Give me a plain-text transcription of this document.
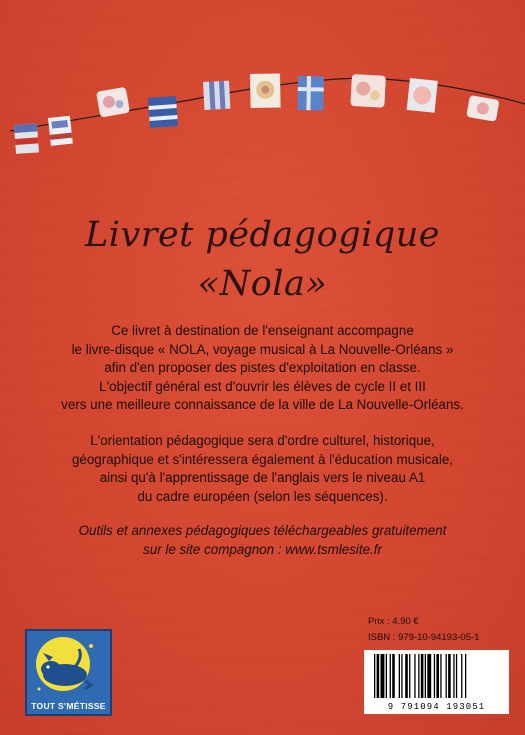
Livret pédagogique
«Nola»
Ce livret à destination de l'enseignant accompagne
le livre-disque « NOLA, voyage musical à La Nouvelle-Orléans »
afin d'en proposer des pistes d'exploitation en classe.
L'objectif général est d'ouvrir les élèves de cycle II et III
vers une meilleure connaissance de la ville de La Nouvelle-Orléans.
L'orientation pédagogique sera d'ordre culturel, historique,
géographique et s'intéressera également à l'éducation musicale,
ainsi qu'à l'apprentissage de l'anglais vers le niveau A1
du cadre européen (selon les séquences).
Outils et annexes pédagogiques téléchargeables gratuitement
sur le site compagnon : www.tsmlesite.fr
TOUT S'MÉTISSE
Prix : 4.90 €
ISBN : 979-10-94193-05-1
9 791094 193051
